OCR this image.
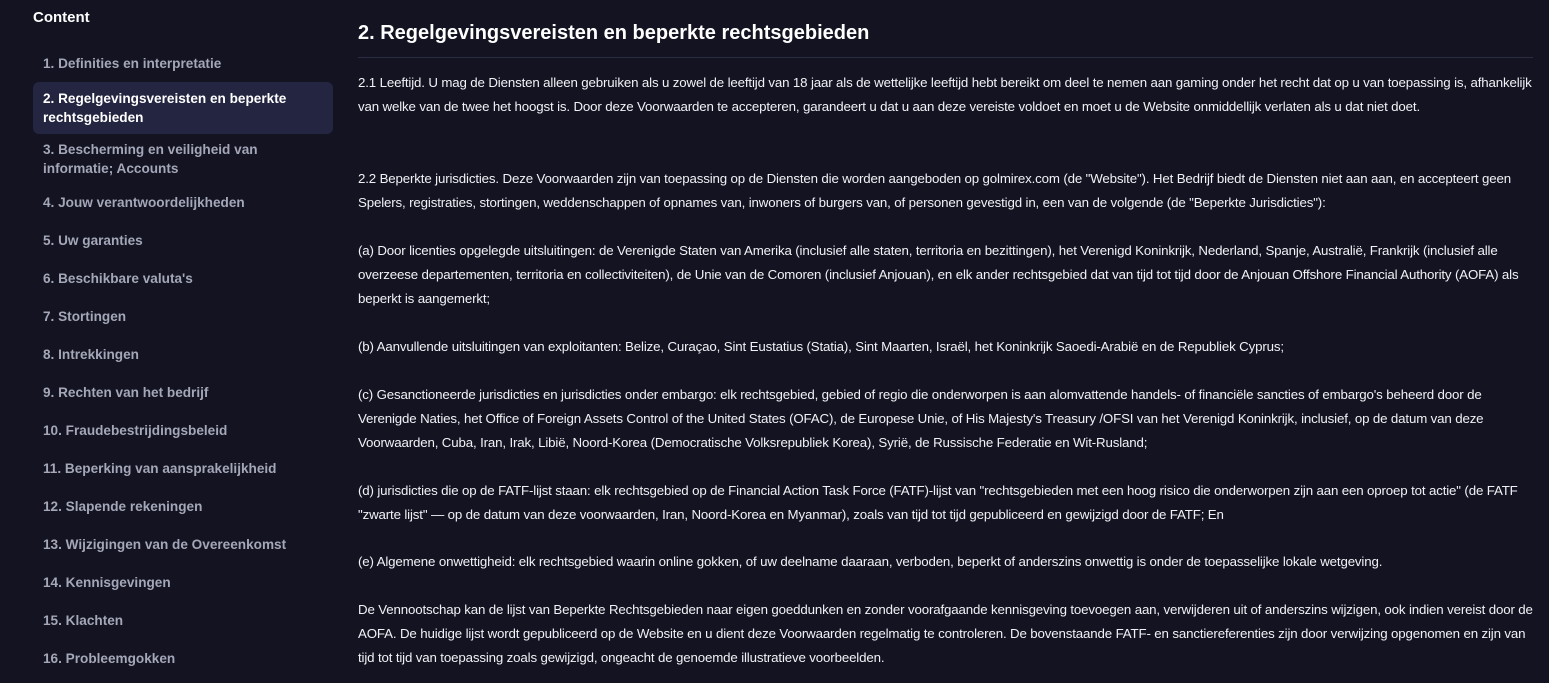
Content
1. Definities en interpretatie
2. Regelgevingsvereisten en beperkte rechtsgebieden
3. Bescherming en veiligheid van informatie; Accounts
4. Jouw verantwoordelijkheden
5. Uw garanties
6. Beschikbare valuta's
7. Stortingen
8. Intrekkingen
9. Rechten van het bedrijf
10. Fraudebestrijdingsbeleid
11. Beperking van aansprakelijkheid
12. Slapende rekeningen
13. Wijzigingen van de Overeenkomst
14. Kennisgevingen
15. Klachten
16. Probleemgokken
2. Regelgevingsvereisten en beperkte rechtsgebieden

2.1 Leeftijd. U mag de Diensten alleen gebruiken als u zowel de leeftijd van 18 jaar als de wettelijke leeftijd hebt bereikt om deel te nemen aan gaming onder het recht dat op u van toepassing is, afhankelijk van welke van de twee het hoogst is. Door deze Voorwaarden te accepteren, garandeert u dat u aan deze vereiste voldoet en moet u de Website onmiddellijk verlaten als u dat niet doet.

2.2 Beperkte jurisdicties. Deze Voorwaarden zijn van toepassing op de Diensten die worden aangeboden op golmirex.com (de "Website"). Het Bedrijf biedt de Diensten niet aan aan, en accepteert geen Spelers, registraties, stortingen, weddenschappen of opnames van, inwoners of burgers van, of personen gevestigd in, een van de volgende (de "Beperkte Jurisdicties"):

(a) Door licenties opgelegde uitsluitingen: de Verenigde Staten van Amerika (inclusief alle staten, territoria en bezittingen), het Verenigd Koninkrijk, Nederland, Spanje, Australië, Frankrijk (inclusief alle overzeese departementen, territoria en collectiviteiten), de Unie van de Comoren (inclusief Anjouan), en elk ander rechtsgebied dat van tijd tot tijd door de Anjouan Offshore Financial Authority (AOFA) als beperkt is aangemerkt;

(b) Aanvullende uitsluitingen van exploitanten: Belize, Curaçao, Sint Eustatius (Statia), Sint Maarten, Israël, het Koninkrijk Saoedi-Arabië en de Republiek Cyprus;

(c) Gesanctioneerde jurisdicties en jurisdicties onder embargo: elk rechtsgebied, gebied of regio die onderworpen is aan alomvattende handels- of financiële sancties of embargo's beheerd door de Verenigde Naties, het Office of Foreign Assets Control of the United States (OFAC), de Europese Unie, of His Majesty's Treasury /OFSI van het Verenigd Koninkrijk, inclusief, op de datum van deze Voorwaarden, Cuba, Iran, Irak, Libië, Noord-Korea (Democratische Volksrepubliek Korea), Syrië, de Russische Federatie en Wit-Rusland;

(d) jurisdicties die op de FATF-lijst staan: elk rechtsgebied op de Financial Action Task Force (FATF)-lijst van "rechtsgebieden met een hoog risico die onderworpen zijn aan een oproep tot actie" (de FATF "zwarte lijst" — op de datum van deze voorwaarden, Iran, Noord-Korea en Myanmar), zoals van tijd tot tijd gepubliceerd en gewijzigd door de FATF; En

(e) Algemene onwettigheid: elk rechtsgebied waarin online gokken, of uw deelname daaraan, verboden, beperkt of anderszins onwettig is onder de toepasselijke lokale wetgeving.

De Vennootschap kan de lijst van Beperkte Rechtsgebieden naar eigen goeddunken en zonder voorafgaande kennisgeving toevoegen aan, verwijderen uit of anderszins wijzigen, ook indien vereist door de AOFA. De huidige lijst wordt gepubliceerd op de Website en u dient deze Voorwaarden regelmatig te controleren. De bovenstaande FATF- en sanctiereferenties zijn door verwijzing opgenomen en zijn van tijd tot tijd van toepassing zoals gewijzigd, ongeacht de genoemde illustratieve voorbeelden.
